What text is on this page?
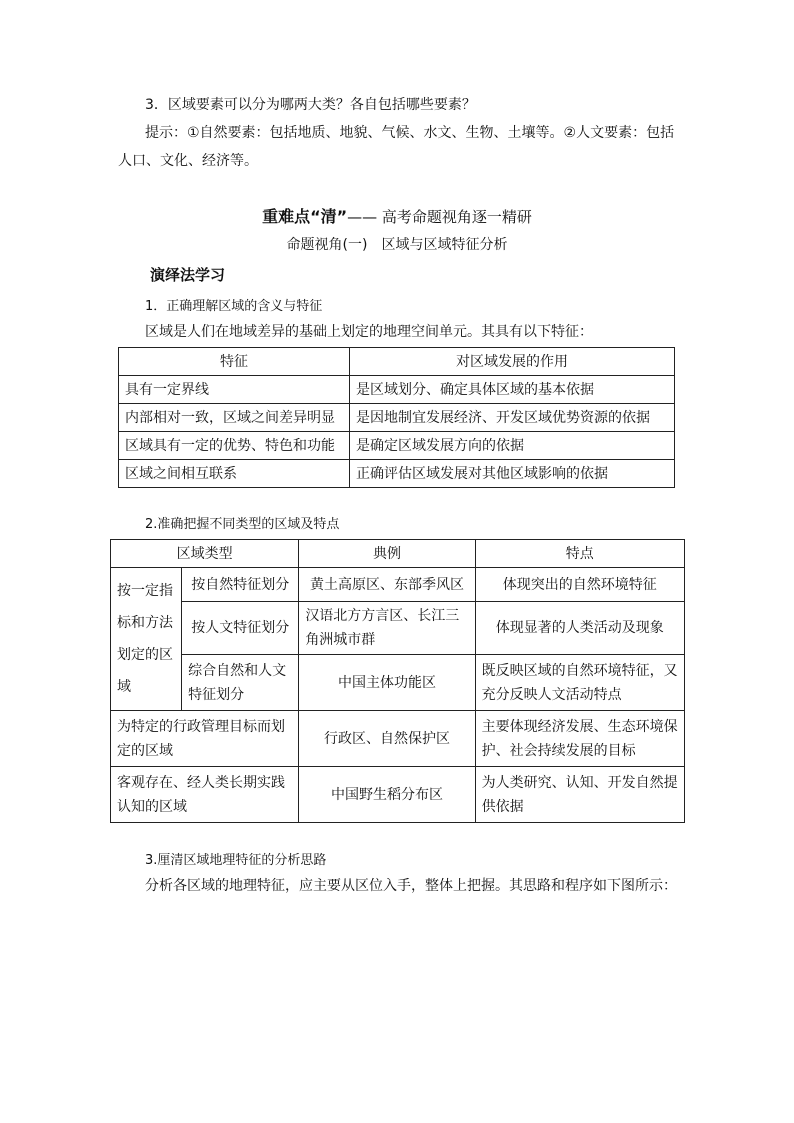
3．区域要素可以分为哪两大类？各自包括哪些要素？
提示：①自然要素：包括地质、地貌、气候、水文、生物、土壤等。②人文要素：包括
人口、文化、经济等。
重难点“清”—— 高考命题视角逐一精研
命题视角(一)　区域与区域特征分析
演绎法学习
1．正确理解区域的含义与特征
区域是人们在地域差异的基础上划定的地理空间单元。其具有以下特征：
特征	对区域发展的作用
具有一定界线	是区域划分、确定具体区域的基本依据
内部相对一致，区域之间差异明显	是因地制宜发展经济、开发区域优势资源的依据
区域具有一定的优势、特色和功能	是确定区域发展方向的依据
区域之间相互联系	正确评估区域发展对其他区域影响的依据
2.准确把握不同类型的区域及特点
区域类型		典例	特点
按一定指标和方法划定的区域	按自然特征划分	黄土高原区、东部季风区	体现突出的自然环境特征
	按人文特征划分	汉语北方方言区、长江三角洲城市群	体现显著的人类活动及现象
	综合自然和人文特征划分	中国主体功能区	既反映区域的自然环境特征，又充分反映人文活动特点
为特定的行政管理目标而划定的区域		行政区、自然保护区	主要体现经济发展、生态环境保护、社会持续发展的目标
客观存在、经人类长期实践认知的区域		中国野生稻分布区	为人类研究、认知、开发自然提供依据
3.厘清区域地理特征的分析思路
分析各区域的地理特征，应主要从区位入手，整体上把握。其思路和程序如下图所示：
